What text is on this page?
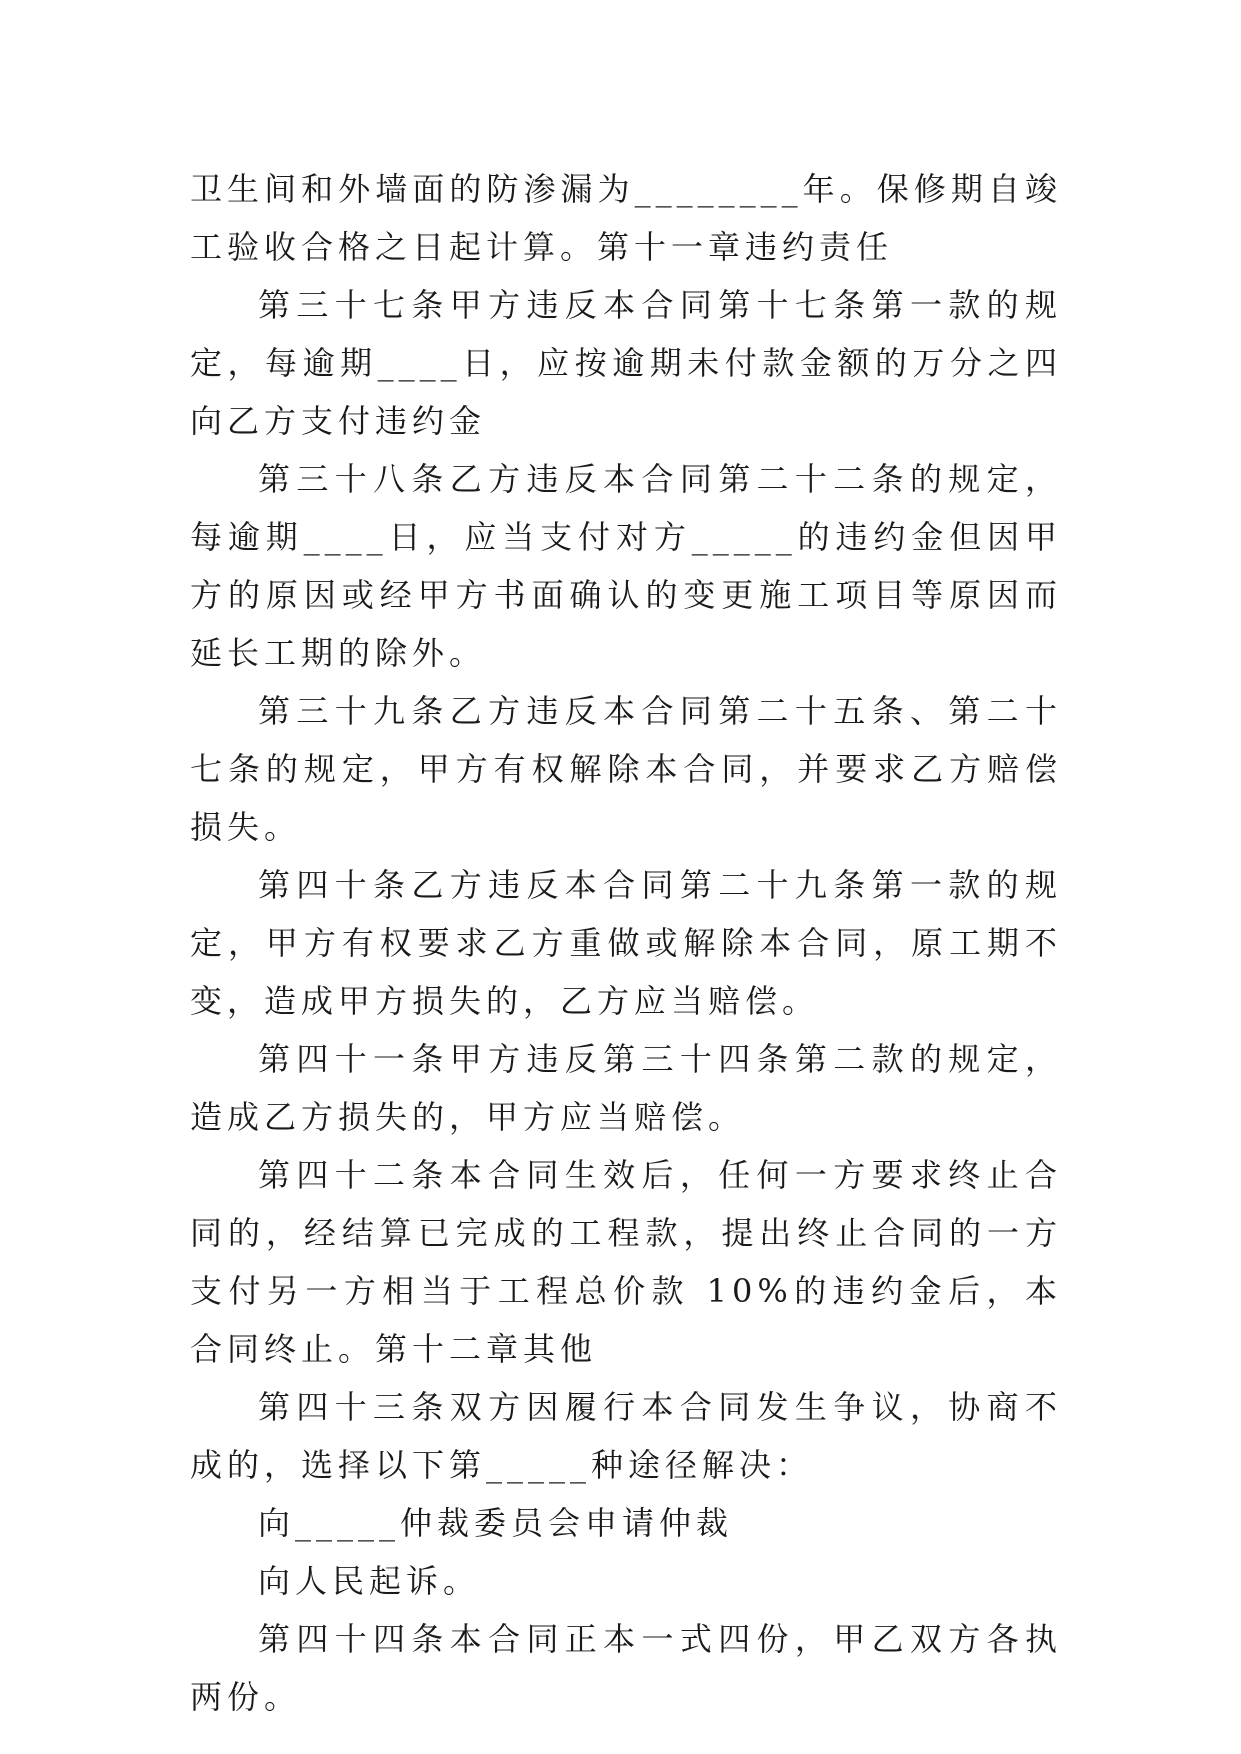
卫生间和外墙面的防渗漏为________年。保修期自竣工验收合格之日起计算。第十一章违约责任

第三十七条甲方违反本合同第十七条第一款的规定，每逾期____日，应按逾期未付款金额的万分之四向乙方支付违约金

第三十八条乙方违反本合同第二十二条的规定，每逾期____日，应当支付对方_____的违约金但因甲方的原因或经甲方书面确认的变更施工项目等原因而延长工期的除外。

第三十九条乙方违反本合同第二十五条、第二十七条的规定，甲方有权解除本合同，并要求乙方赔偿损失。

第四十条乙方违反本合同第二十九条第一款的规定，甲方有权要求乙方重做或解除本合同，原工期不变，造成甲方损失的，乙方应当赔偿。

第四十一条甲方违反第三十四条第二款的规定，造成乙方损失的，甲方应当赔偿。

第四十二条本合同生效后，任何一方要求终止合同的，经结算已完成的工程款，提出终止合同的一方支付另一方相当于工程总价款 10%的违约金后，本合同终止。第十二章其他

第四十三条双方因履行本合同发生争议，协商不成的，选择以下第_____种途径解决：

向_____仲裁委员会申请仲裁

向人民起诉。

第四十四条本合同正本一式四份，甲乙双方各执两份。
